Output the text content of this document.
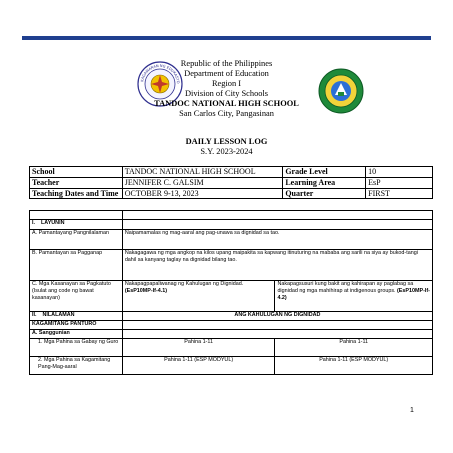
KAGAWARAN NG EDUKASYO
Republic of the Philippines
Department of Education
Region I
Division of City Schools
TANDOC NATIONAL HIGH SCHOOL
San Carlos City, Pangasinan
DAILY LESSON LOG
S.Y. 2023-2024
School	TANDOC NATIONAL HIGH SCHOOL	Grade Level	10
Teacher	JENNIFER C. GALSIM	Learning Area	EsP
Teaching Dates and Time	OCTOBER 9-13, 2023	Quarter	FIRST

I. LAYUNIN		
A. Pamantayang Pangnilalaman	Naipamamalas ng mag-aaral ang pag-unawa sa dignidad sa tao.	
B. Pamantayan sa Pagganap	Nakagagawa ng mga angkop na kilos upang maipakita sa kapwang itinuturing na mababa ang sarili na siya ay bukod-tangi dahil sa kanyang taglay na dignidad bilang tao.	
C. Mga Kasanayan sa Pagkatuto (Isulat ang code ng bawat kasanayan)	Nakapagpapaliwanag ng Kahulugan ng Dignidad. (EsP10MP-If-4.1)	Nakapagsusuri kung bakit ang kahirapan ay paglabag sa dignidad ng mga mahihirap at indigenous groups. (EsP10MP-If-4.2)
II. NILALAMAN	ANG KAHULUGAN NG DIGNIDAD	
KAGAMITANG PANTURO		
A. Sanggunian		
1. Mga Pahina sa Gabay ng Guro	Pahina 1-11	Pahina 1-11
2. Mga Pahina sa Kagamitang Pang-Mag-aaral	Pahina 1-11 (ESP MODYUL)	Pahina 1-11 (ESP MODYUL)
1
